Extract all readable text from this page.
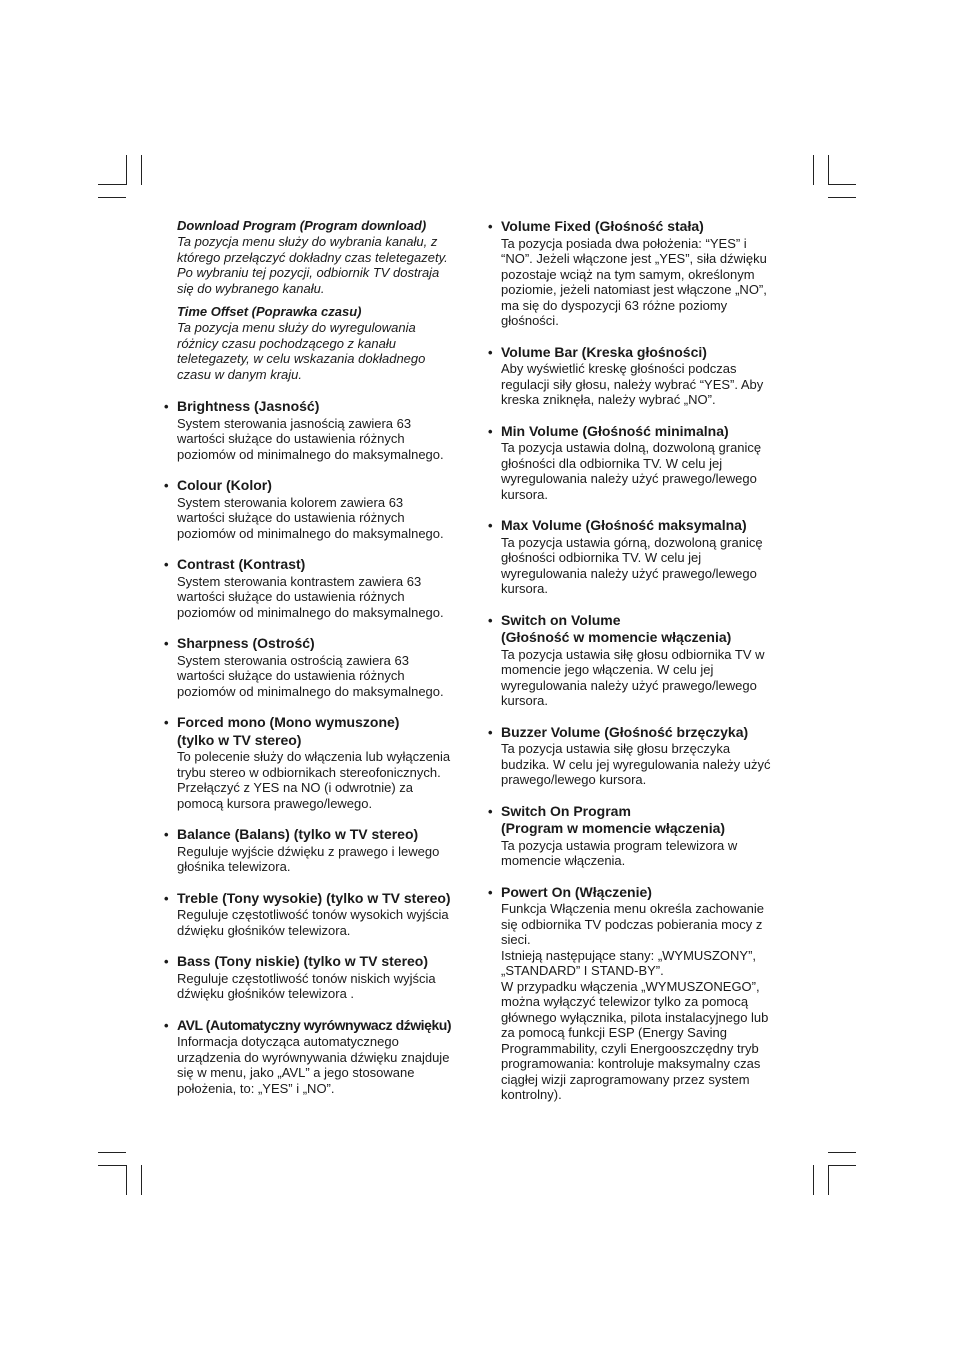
Download Program (Program download)
Ta pozycja menu służy do wybrania kanału, z
którego przełączyć dokładny czas teletegazety.
Po wybraniu tej pozycji, odbiornik TV dostraja
się do wybranego kanału.
Time Offset (Poprawka czasu)
Ta pozycja menu służy do wyregulowania
różnicy czasu pochodzącego z kanału
teletegazety, w celu wskazania dokładnego
czasu w danym kraju.
• Brightness (Jasność)
System sterowania jasnością zawiera 63
wartości służące do ustawienia różnych
poziomów od minimalnego do maksymalnego.
• Colour (Kolor)
System sterowania kolorem zawiera 63
wartości służące do ustawienia różnych
poziomów od minimalnego do maksymalnego.
• Contrast (Kontrast)
System sterowania kontrastem zawiera 63
wartości służące do ustawienia różnych
poziomów od minimalnego do maksymalnego.
• Sharpness (Ostrość)
System sterowania ostrością zawiera 63
wartości służące do ustawienia różnych
poziomów od minimalnego do maksymalnego.
• Forced mono (Mono wymuszone)
(tylko w TV stereo)
To polecenie służy do włączenia lub wyłączenia
trybu stereo w odbiornikach stereofonicznych.
Przełączyć z YES na NO (i odwrotnie) za
pomocą kursora prawego/lewego.
• Balance (Balans) (tylko w TV stereo)
Reguluje wyjście dźwięku z prawego i lewego
głośnika telewizora.
• Treble (Tony wysokie) (tylko w TV stereo)
Reguluje częstotliwość tonów wysokich wyjścia
dźwięku głośników telewizora.
• Bass (Tony niskie) (tylko w TV stereo)
Reguluje częstotliwość tonów niskich wyjścia
dźwięku głośników telewizora .
• AVL (Automatyczny wyrównywacz dźwięku)
Informacja dotycząca automatycznego
urządzenia do wyrównywania dźwięku znajduje
się w menu, jako „AVL” a jego stosowane
położenia, to: „YES” i „NO”.
• Volume Fixed (Głośność stała)
Ta pozycja posiada dwa położenia: “YES” i
“NO”. Jeżeli włączone jest „YES”, siła dźwięku
pozostaje wciąż na tym samym, określonym
poziomie, jeżeli natomiast jest włączone „NO”,
ma się do dyspozycji 63 różne poziomy
głośności.
• Volume Bar (Kreska głośności)
Aby wyświetlić kreskę głośności podczas
regulacji siły głosu, należy wybrać “YES”. Aby
kreska zniknęła, należy wybrać „NO”.
• Min Volume (Głośność minimalna)
Ta pozycja ustawia dolną, dozwoloną granicę
głośności dla odbiornika TV. W celu jej
wyregulowania należy użyć prawego/lewego
kursora.
• Max Volume (Głośność maksymalna)
Ta pozycja ustawia górną, dozwoloną granicę
głośności odbiornika TV. W celu jej
wyregulowania należy użyć prawego/lewego
kursora.
• Switch on Volume
(Głośność w momencie włączenia)
Ta pozycja ustawia siłę głosu odbiornika TV w
momencie jego włączenia. W celu jej
wyregulowania należy użyć prawego/lewego
kursora.
• Buzzer Volume (Głośność brzęczyka)
Ta pozycja ustawia siłę głosu brzęczyka
budzika. W celu jej wyregulowania należy użyć
prawego/lewego kursora.
• Switch On Program
(Program w momencie włączenia)
Ta pozycja ustawia program telewizora w
momencie włączenia.
• Powert On (Włączenie)
Funkcja Włączenia menu określa zachowanie
się odbiornika TV podczas pobierania mocy z
sieci.
Istnieją następujące stany: „WYMUSZONY”,
„STANDARD” I STAND-BY”.
W przypadku włączenia „WYMUSZONEGO”,
można wyłączyć telewizor tylko za pomocą
głównego wyłącznika, pilota instalacyjnego lub
za pomocą funkcji ESP (Energy Saving
Programmability, czyli Energooszczędny tryb
programowania: kontroluje maksymalny czas
ciągłej wizji zaprogramowany przez system
kontrolny).
